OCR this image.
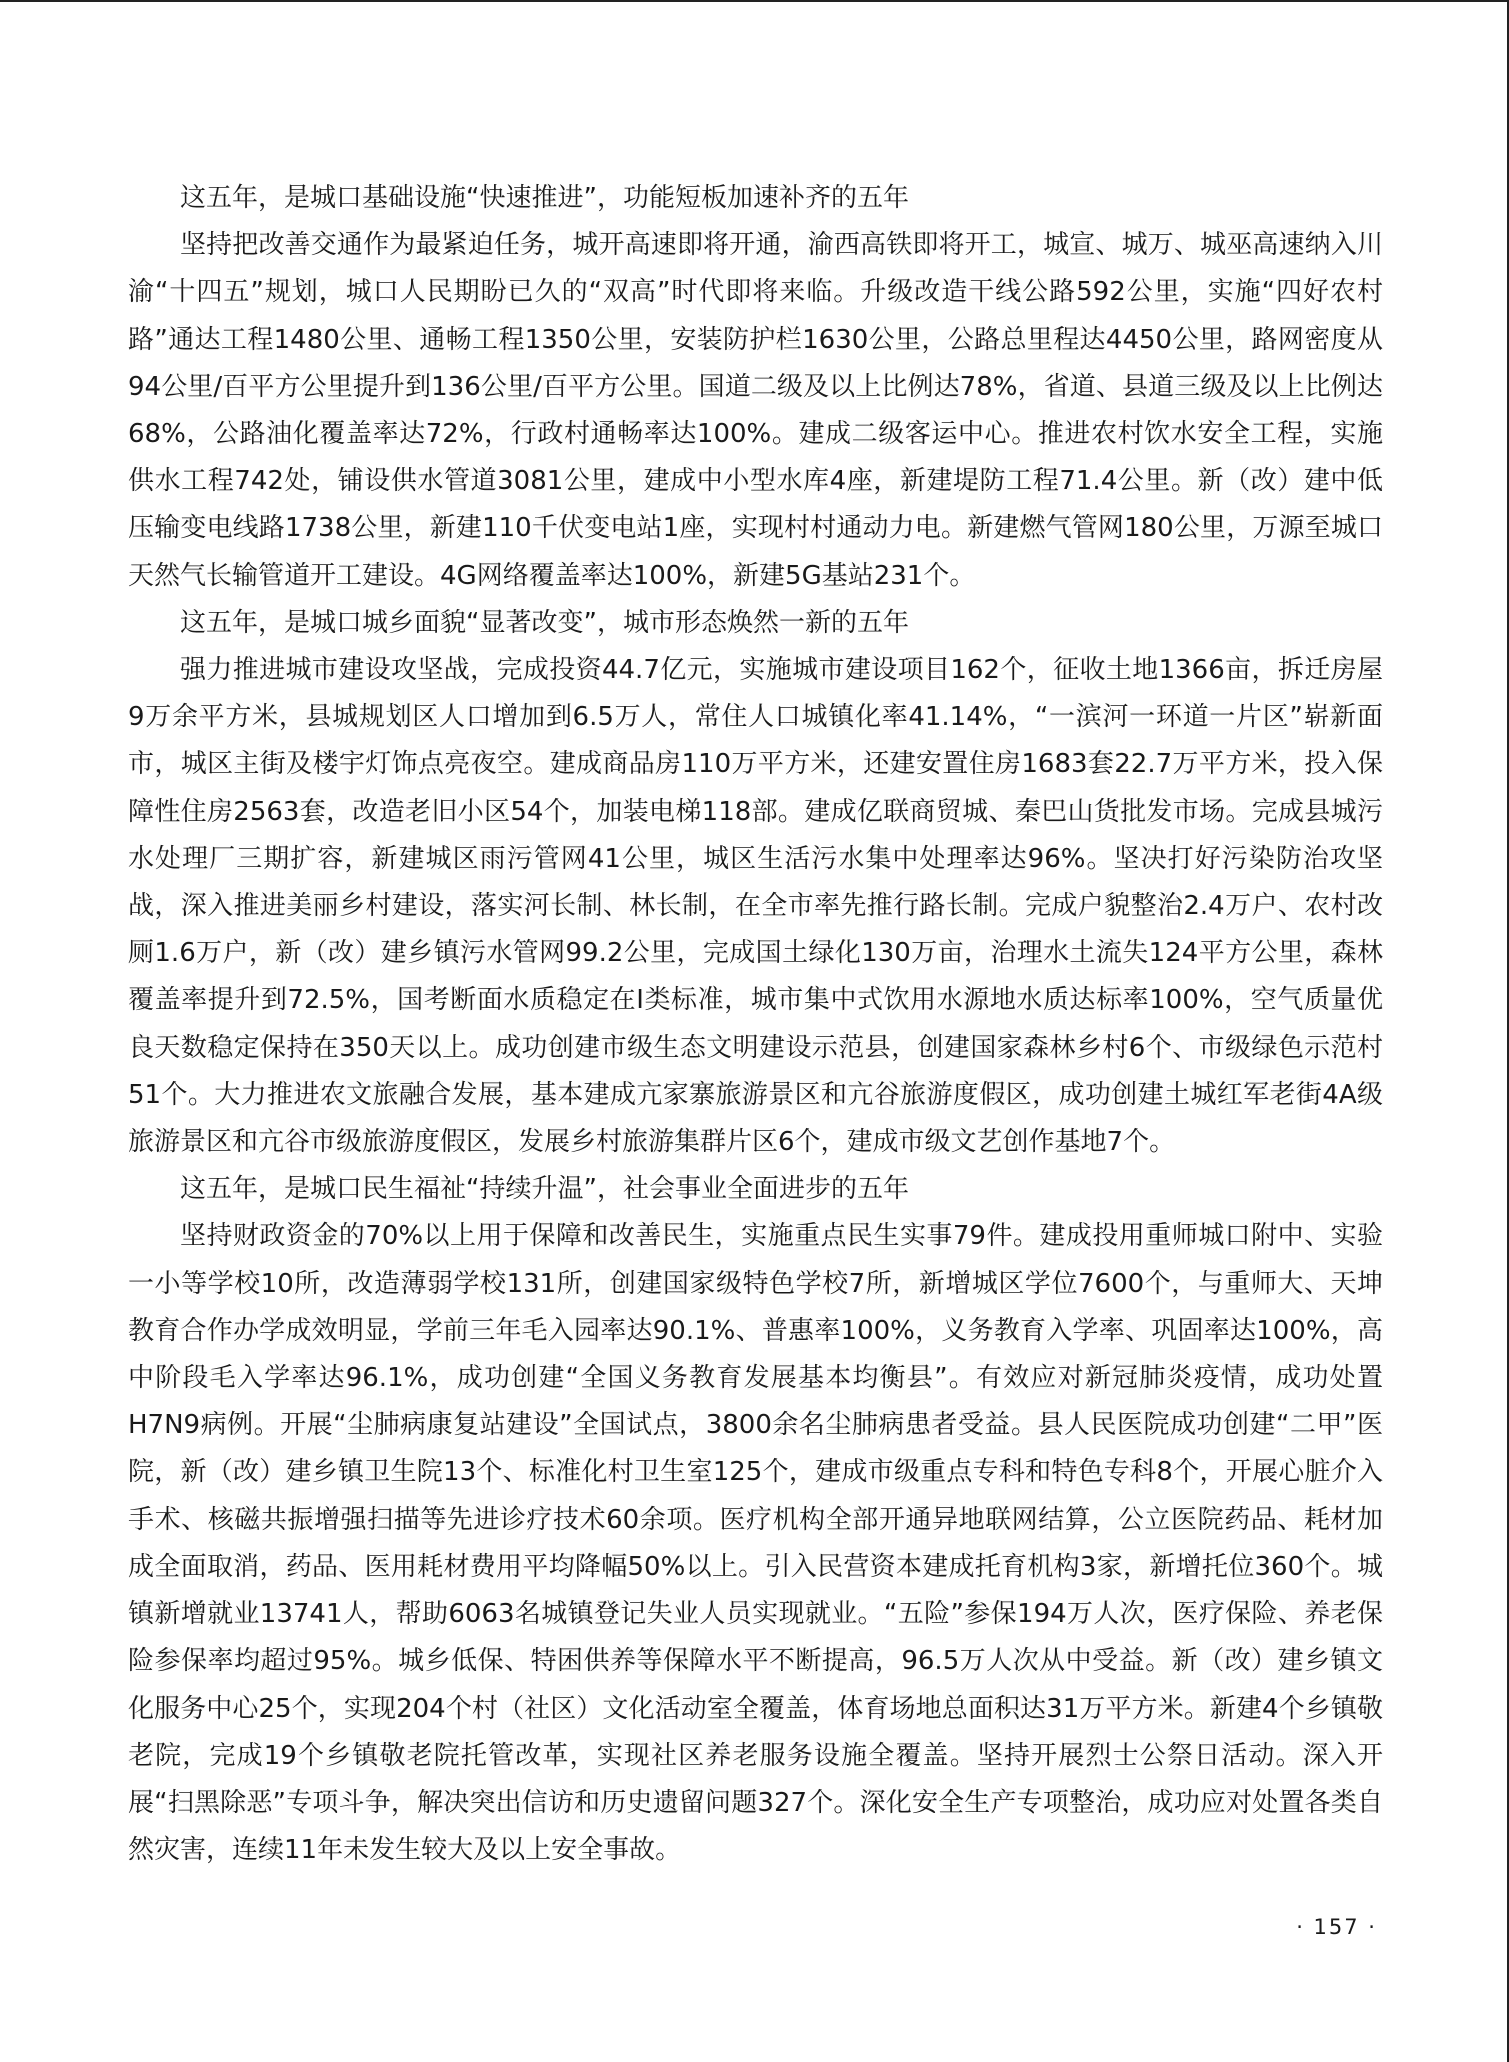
这五年，是城口基础设施“快速推进”，功能短板加速补齐的五年

坚持把改善交通作为最紧迫任务，城开高速即将开通，渝西高铁即将开工，城宣、城万、城巫高速纳入川渝“十四五”规划，城口人民期盼已久的“双高”时代即将来临。升级改造干线公路592公里，实施“四好农村路”通达工程1480公里、通畅工程1350公里，安装防护栏1630公里，公路总里程达4450公里，路网密度从94公里/百平方公里提升到136公里/百平方公里。国道二级及以上比例达78%，省道、县道三级及以上比例达68%，公路油化覆盖率达72%，行政村通畅率达100%。建成二级客运中心。推进农村饮水安全工程，实施供水工程742处，铺设供水管道3081公里，建成中小型水库4座，新建堤防工程71.4公里。新（改）建中低压输变电线路1738公里，新建110千伏变电站1座，实现村村通动力电。新建燃气管网180公里，万源至城口天然气长输管道开工建设。4G网络覆盖率达100%，新建5G基站231个。

这五年，是城口城乡面貌“显著改变”，城市形态焕然一新的五年

强力推进城市建设攻坚战，完成投资44.7亿元，实施城市建设项目162个，征收土地1366亩，拆迁房屋9万余平方米，县城规划区人口增加到6.5万人，常住人口城镇化率41.14%，“一滨河一环道一片区”崭新面市，城区主街及楼宇灯饰点亮夜空。建成商品房110万平方米，还建安置住房1683套22.7万平方米，投入保障性住房2563套，改造老旧小区54个，加装电梯118部。建成亿联商贸城、秦巴山货批发市场。完成县城污水处理厂三期扩容，新建城区雨污管网41公里，城区生活污水集中处理率达96%。坚决打好污染防治攻坚战，深入推进美丽乡村建设，落实河长制、林长制，在全市率先推行路长制。完成户貌整治2.4万户、农村改厕1.6万户，新（改）建乡镇污水管网99.2公里，完成国土绿化130万亩，治理水土流失124平方公里，森林覆盖率提升到72.5%，国考断面水质稳定在Ⅰ类标准，城市集中式饮用水源地水质达标率100%，空气质量优良天数稳定保持在350天以上。成功创建市级生态文明建设示范县，创建国家森林乡村6个、市级绿色示范村51个。大力推进农文旅融合发展，基本建成亢家寨旅游景区和亢谷旅游度假区，成功创建土城红军老街4A级旅游景区和亢谷市级旅游度假区，发展乡村旅游集群片区6个，建成市级文艺创作基地7个。

这五年，是城口民生福祉“持续升温”，社会事业全面进步的五年

坚持财政资金的70%以上用于保障和改善民生，实施重点民生实事79件。建成投用重师城口附中、实验一小等学校10所，改造薄弱学校131所，创建国家级特色学校7所，新增城区学位7600个，与重师大、天坤教育合作办学成效明显，学前三年毛入园率达90.1%、普惠率100%，义务教育入学率、巩固率达100%，高中阶段毛入学率达96.1%，成功创建“全国义务教育发展基本均衡县”。有效应对新冠肺炎疫情，成功处置H7N9病例。开展“尘肺病康复站建设”全国试点，3800余名尘肺病患者受益。县人民医院成功创建“二甲”医院，新（改）建乡镇卫生院13个、标准化村卫生室125个，建成市级重点专科和特色专科8个，开展心脏介入手术、核磁共振增强扫描等先进诊疗技术60余项。医疗机构全部开通异地联网结算，公立医院药品、耗材加成全面取消，药品、医用耗材费用平均降幅50%以上。引入民营资本建成托育机构3家，新增托位360个。城镇新增就业13741人，帮助6063名城镇登记失业人员实现就业。“五险”参保194万人次，医疗保险、养老保险参保率均超过95%。城乡低保、特困供养等保障水平不断提高，96.5万人次从中受益。新（改）建乡镇文化服务中心25个，实现204个村（社区）文化活动室全覆盖，体育场地总面积达31万平方米。新建4个乡镇敬老院，完成19个乡镇敬老院托管改革，实现社区养老服务设施全覆盖。坚持开展烈士公祭日活动。深入开展“扫黑除恶”专项斗争，解决突出信访和历史遗留问题327个。深化安全生产专项整治，成功应对处置各类自然灾害，连续11年未发生较大及以上安全事故。

· 157 ·
